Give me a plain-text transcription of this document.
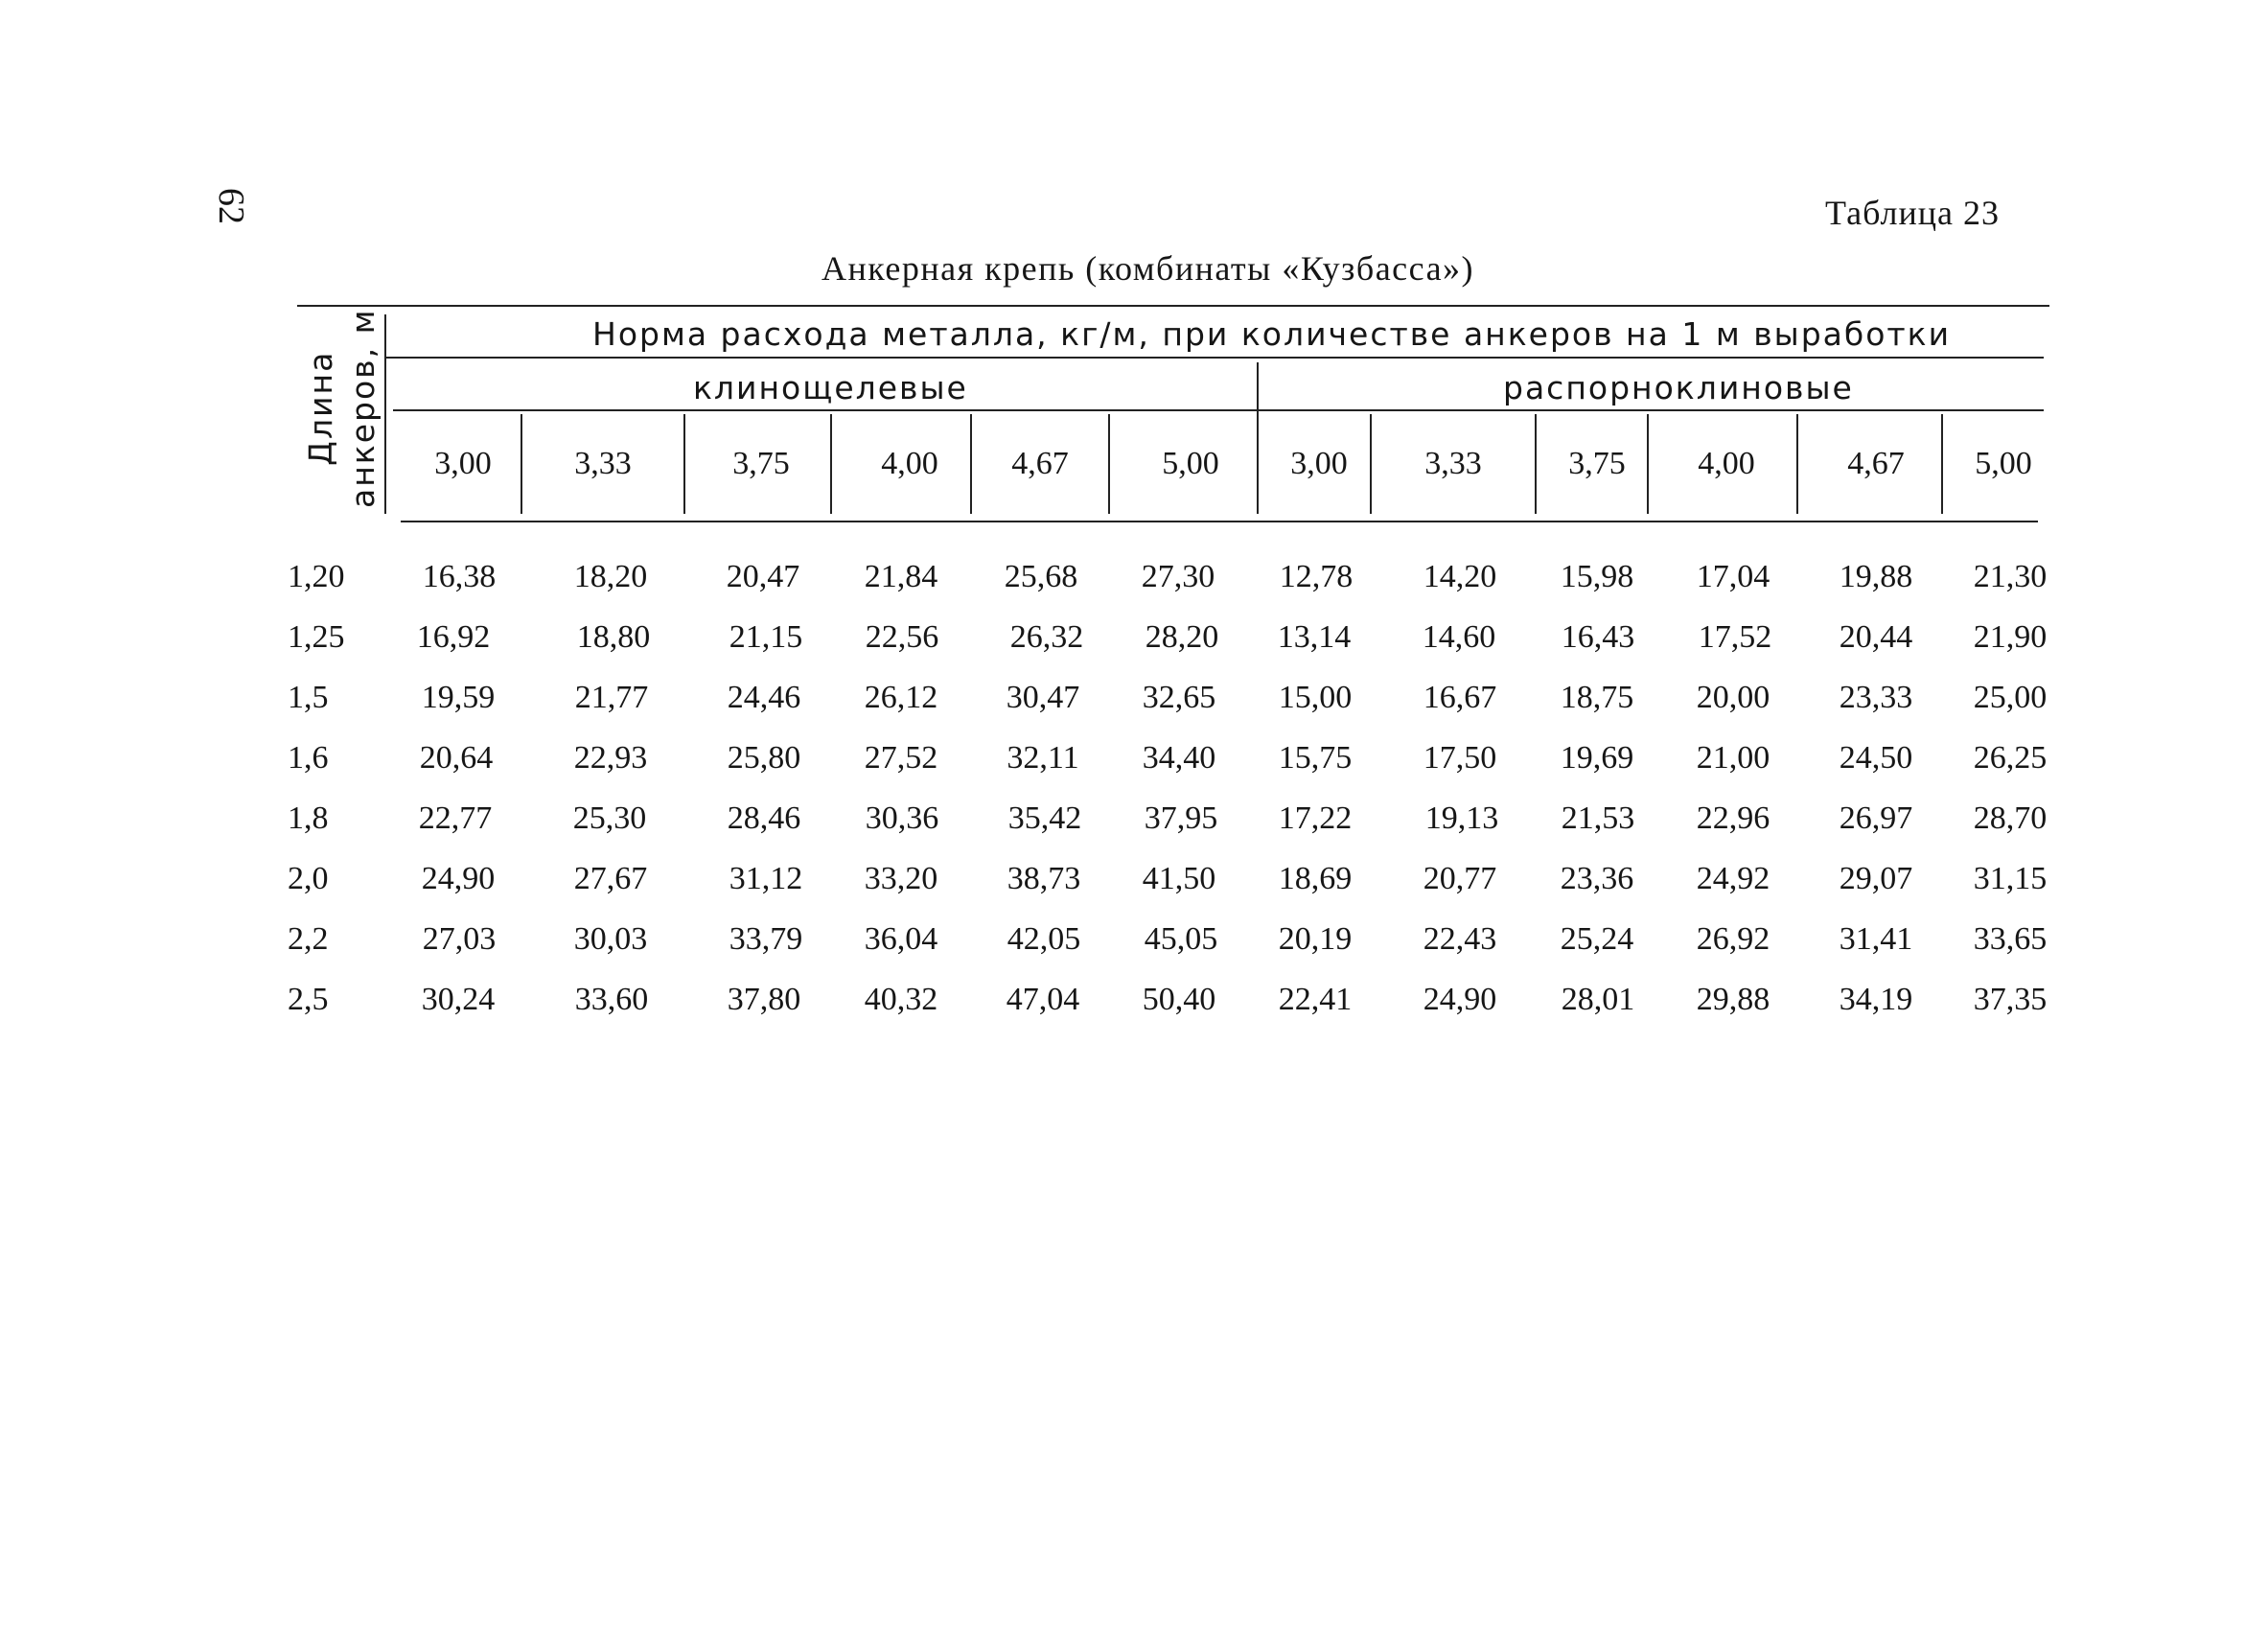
62	Таблица 23
Анкерная крепь (комбинаты «Кузбасса»)
Длина анкеров, м	Норма расхода металла, кг/м, при количестве анкеров на 1 м выработки
клинощелевые	распорноклиновые
3,00	3,33	3,75	4,00	4,67	5,00	3,00	3,33	3,75	4,00	4,67	5,00
1,20	16,38	18,20	20,47	21,84	25,68	27,30	12,78	14,20	15,98	17,04	19,88	21,30
1,25	16,92	18,80	21,15	22,56	26,32	28,20	13,14	14,60	16,43	17,52	20,44	21,90
1,5	19,59	21,77	24,46	26,12	30,47	32,65	15,00	16,67	18,75	20,00	23,33	25,00
1,6	20,64	22,93	25,80	27,52	32,11	34,40	15,75	17,50	19,69	21,00	24,50	26,25
1,8	22,77	25,30	28,46	30,36	35,42	37,95	17,22	19,13	21,53	22,96	26,97	28,70
2,0	24,90	27,67	31,12	33,20	38,73	41,50	18,69	20,77	23,36	24,92	29,07	31,15
2,2	27,03	30,03	33,79	36,04	42,05	45,05	20,19	22,43	25,24	26,92	31,41	33,65
2,5	30,24	33,60	37,80	40,32	47,04	50,40	22,41	24,90	28,01	29,88	34,19	37,35
